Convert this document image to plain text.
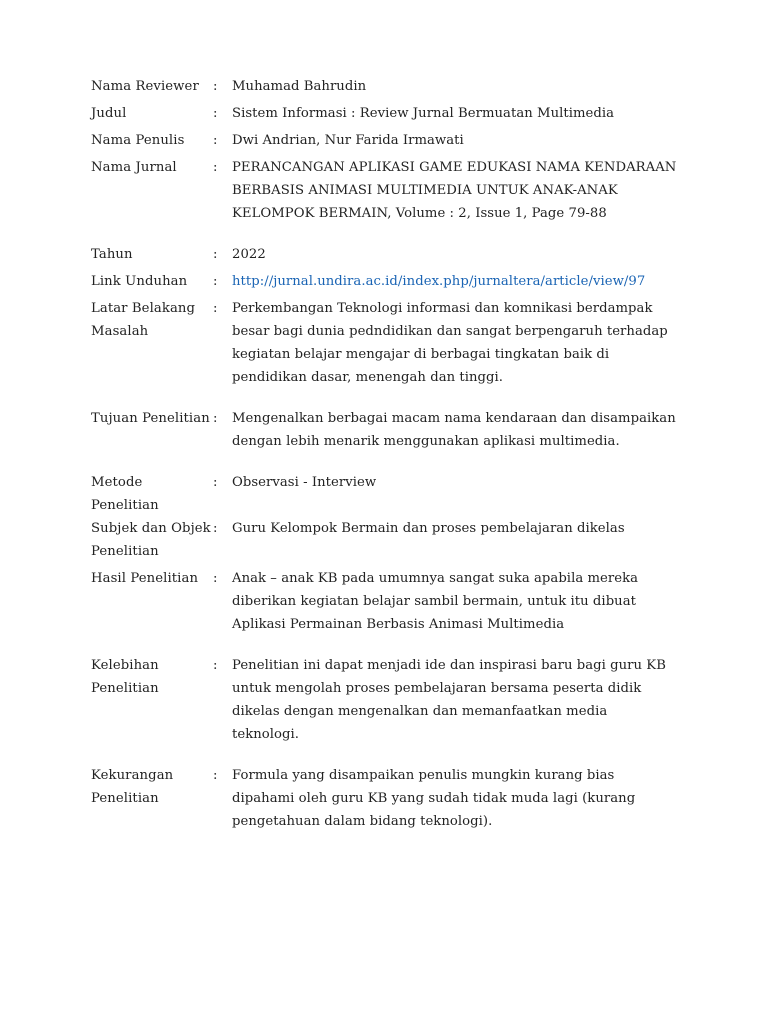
Nama Reviewer	:	Muhamad Bahrudin
Judul	:	Sistem Informasi : Review Jurnal Bermuatan Multimedia
Nama Penulis	:	Dwi Andrian, Nur Farida Irmawati
Nama Jurnal	:	PERANCANGAN APLIKASI GAME EDUKASI NAMA KENDARAAN BERBASIS ANIMASI MULTIMEDIA UNTUK ANAK-ANAK KELOMPOK BERMAIN, Volume : 2, Issue 1, Page 79-88
Tahun	:	2022
Link Unduhan	:	http://jurnal.undira.ac.id/index.php/jurnaltera/article/view/97
Latar Belakang
Masalah
:	Perkembangan Teknologi informasi dan komnikasi berdampak besar bagi dunia pedndidikan dan sangat berpengaruh terhadap kegiatan belajar mengajar di berbagai tingkatan baik di pendidikan dasar, menengah dan tinggi.
Tujuan Penelitian :	Mengenalkan berbagai macam nama kendaraan dan disampaikan dengan lebih menarik menggunakan aplikasi multimedia.
Metode
Penelitian
:	Observasi - Interview
Subjek dan Objek
Penelitian
:	Guru Kelompok Bermain dan proses pembelajaran dikelas
Hasil Penelitian	:	Anak – anak KB pada umumnya sangat suka apabila mereka diberikan kegiatan belajar sambil bermain, untuk itu dibuat Aplikasi Permainan Berbasis Animasi Multimedia
Kelebihan
Penelitian
:	Penelitian ini dapat menjadi ide dan inspirasi baru bagi guru KB untuk mengolah proses pembelajaran bersama peserta didik dikelas dengan mengenalkan dan memanfaatkan media teknologi.
Kekurangan
Penelitian
:	Formula yang disampaikan penulis mungkin kurang bias dipahami oleh guru KB yang sudah tidak muda lagi (kurang pengetahuan dalam bidang teknologi).
